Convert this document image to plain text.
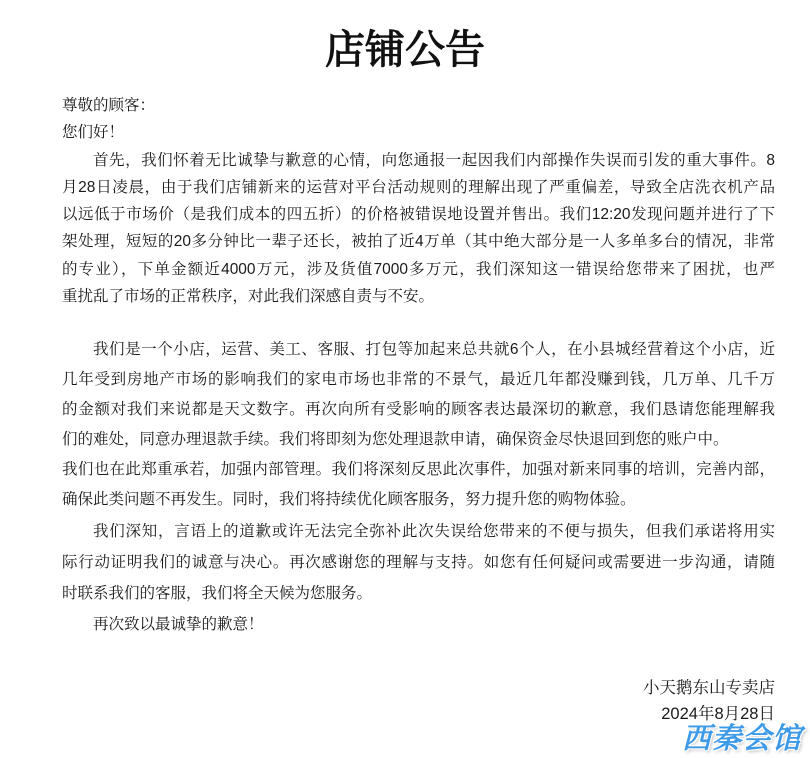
店铺公告
尊敬的顾客：
您们好！
首先，我们怀着无比诚挚与歉意的心情，向您通报一起因我们内部操作失误而引发的重大事件。8
月28日凌晨，由于我们店铺新来的运营对平台活动规则的理解出现了严重偏差，导致全店洗衣机产品
以远低于市场价（是我们成本的四五折）的价格被错误地设置并售出。我们12:20发现问题并进行了下
架处理，短短的20多分钟比一辈子还长，被拍了近4万单（其中绝大部分是一人多单多台的情况，非常
的专业），下单金额近4000万元，涉及货值7000多万元，我们深知这一错误给您带来了困扰，也严
重扰乱了市场的正常秩序，对此我们深感自责与不安。
我们是一个小店，运营、美工、客服、打包等加起来总共就6个人，在小县城经营着这个小店，近
几年受到房地产市场的影响我们的家电市场也非常的不景气，最近几年都没赚到钱，几万单、几千万
的金额对我们来说都是天文数字。再次向所有受影响的顾客表达最深切的歉意，我们恳请您能理解我
们的难处，同意办理退款手续。我们将即刻为您处理退款申请，确保资金尽快退回到您的账户中。
我们也在此郑重承若，加强内部管理。我们将深刻反思此次事件，加强对新来同事的培训，完善内部，
确保此类问题不再发生。同时，我们将持续优化顾客服务，努力提升您的购物体验。
我们深知，言语上的道歉或许无法完全弥补此次失误给您带来的不便与损失，但我们承诺将用实
际行动证明我们的诚意与决心。再次感谢您的理解与支持。如您有任何疑问或需要进一步沟通，请随
时联系我们的客服，我们将全天候为您服务。
再次致以最诚挚的歉意！
小天鹅东山专卖店
2024年8月28日
西秦会馆
